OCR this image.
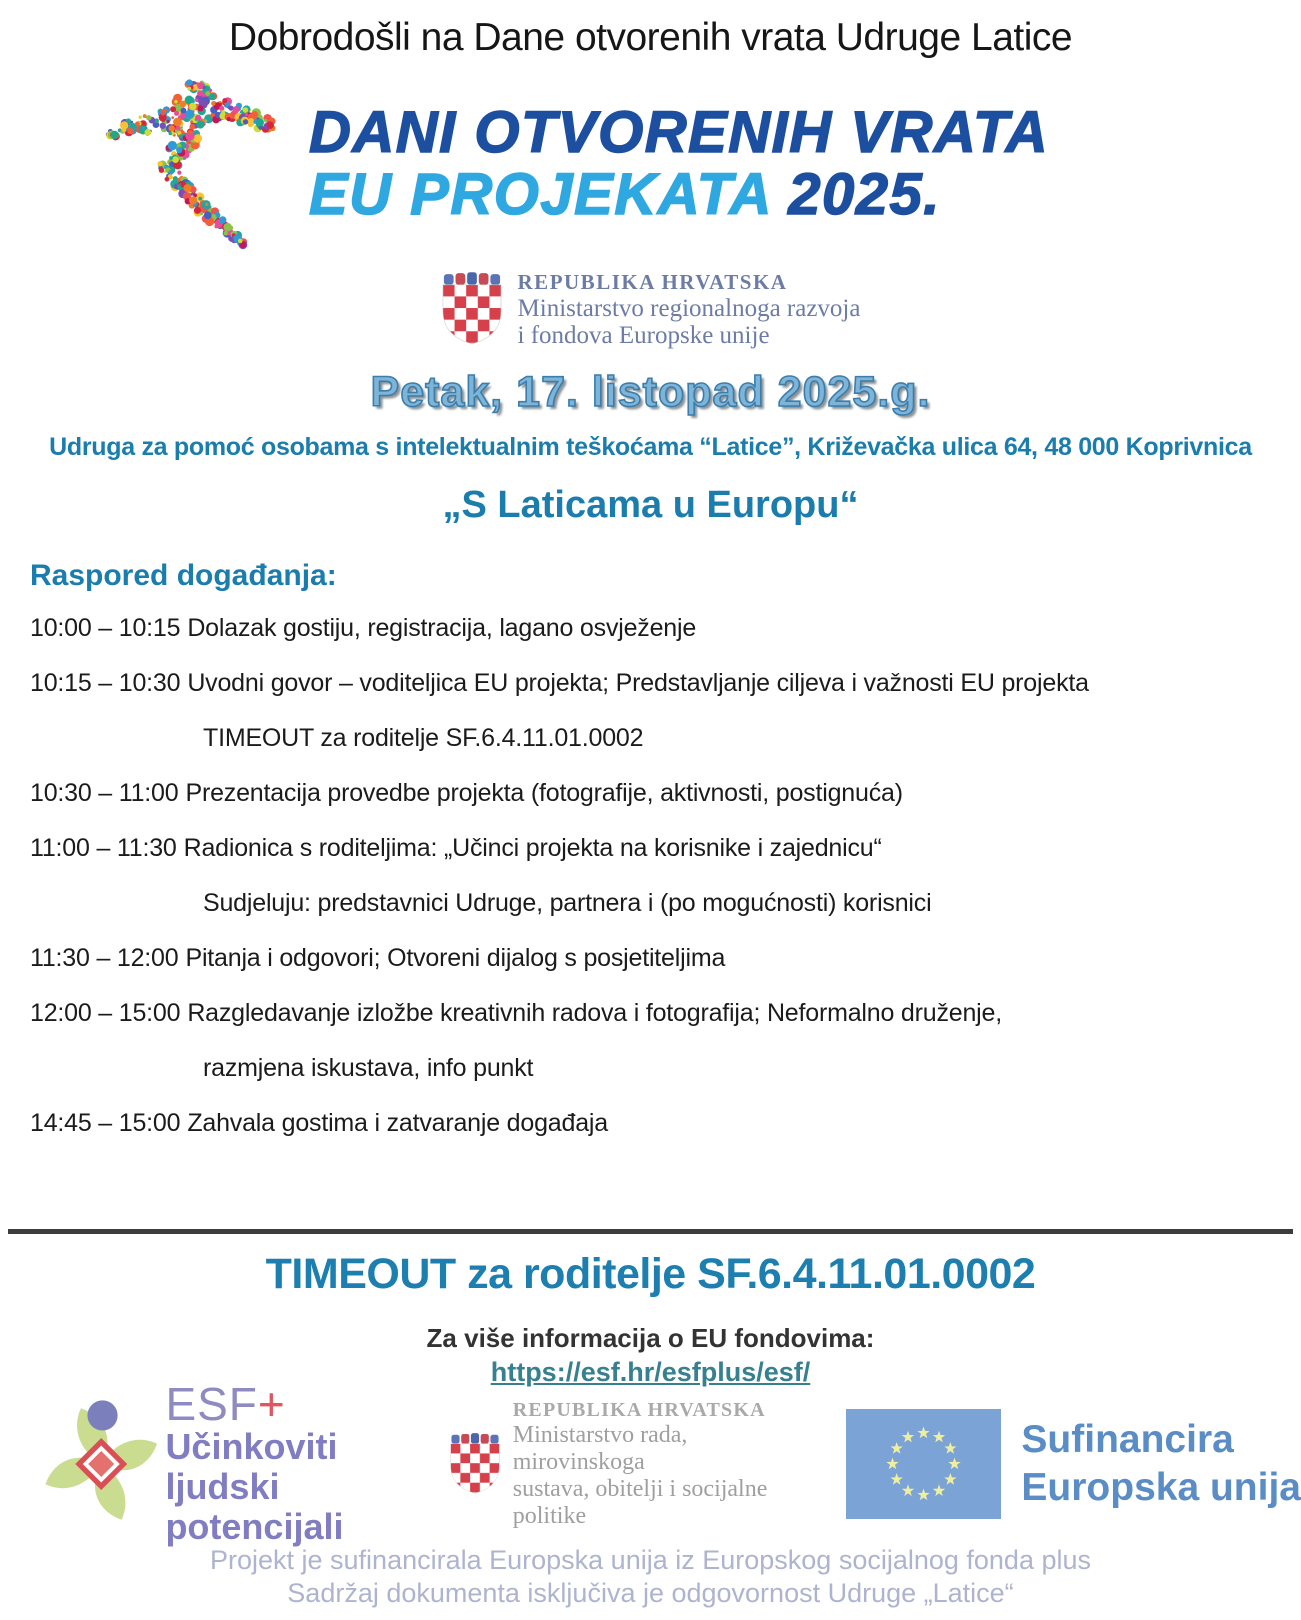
Dobrodošli na Dane otvorenih vrata Udruge Latice
DANI OTVORENIH VRATA
EU PROJEKATA 2025.
REPUBLIKA HRVATSKA
Ministarstvo regionalnoga razvoja
i fondova Europske unije
Petak, 17. listopad 2025.g.
Udruga za pomoć osobama s intelektualnim teškoćama “Latice”, Križevačka ulica 64, 48 000 Koprivnica
„S Laticama u Europu“
Raspored događanja:
10:00 – 10:15 Dolazak gostiju, registracija, lagano osvježenje
10:15 – 10:30 Uvodni govor – voditeljica EU projekta; Predstavljanje ciljeva i važnosti EU projekta
TIMEOUT za roditelje SF.6.4.11.01.0002
10:30 – 11:00 Prezentacija provedbe projekta (fotografije, aktivnosti, postignuća)
11:00 – 11:30 Radionica s roditeljima: „Učinci projekta na korisnike i zajednicu“
Sudjeluju: predstavnici Udruge, partnera i (po mogućnosti) korisnici
11:30 – 12:00 Pitanja i odgovori; Otvoreni dijalog s posjetiteljima
12:00 – 15:00 Razgledavanje izložbe kreativnih radova i fotografija; Neformalno druženje,
razmjena iskustava, info punkt
14:45 – 15:00 Zahvala gostima i zatvaranje događaja
TIMEOUT za roditelje SF.6.4.11.01.0002
Za više informacija o EU fondovima:
https://esf.hr/esfplus/esf/
ESF+
Učinkoviti ljudski
potencijali
REPUBLIKA HRVATSKA
Ministarstvo rada, mirovinskoga
sustava, obitelji i socijalne politike
Sufinancira
Europska unija
Projekt je sufinancirala Europska unija iz Europskog socijalnog fonda plus
Sadržaj dokumenta isključiva je odgovornost Udruge „Latice“
